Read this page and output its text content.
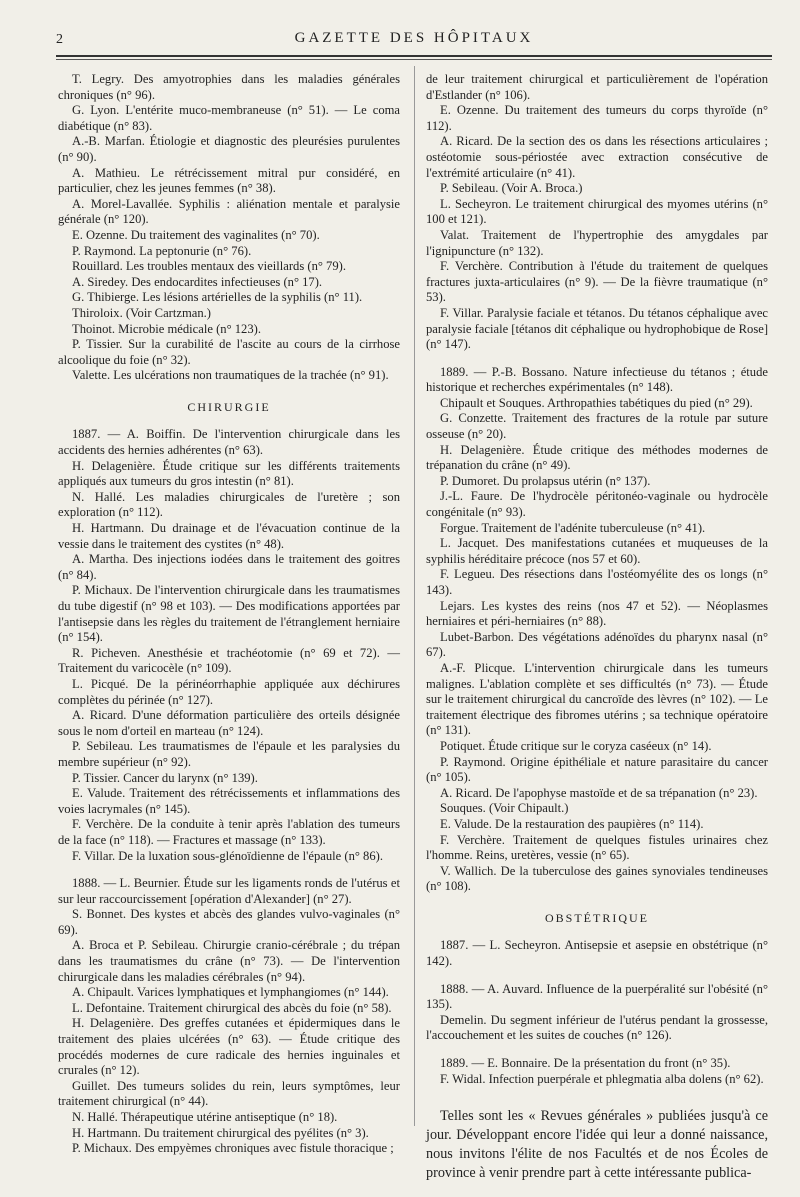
2	GAZETTE DES HÔPITAUX

T. Legry. Des amyotrophies dans les maladies générales chroniques (n° 96).

G. Lyon. L'entérite muco-membraneuse (n° 51). — Le coma diabétique (n° 83).

A.-B. Marfan. Étiologie et diagnostic des pleurésies purulentes (n° 90).

A. Mathieu. Le rétrécissement mitral pur considéré, en particulier, chez les jeunes femmes (n° 38).

A. Morel-Lavallée. Syphilis : aliénation mentale et paralysie générale (n° 120).

E. Ozenne. Du traitement des vaginalites (n° 70).

P. Raymond. La peptonurie (n° 76).

Rouillard. Les troubles mentaux des vieillards (n° 79).

A. Siredey. Des endocardites infectieuses (n° 17).

G. Thibierge. Les lésions artérielles de la syphilis (n° 11).

Thiroloix. (Voir Cartzman.)

Thoinot. Microbie médicale (n° 123).

P. Tissier. Sur la curabilité de l'ascite au cours de la cirrhose alcoolique du foie (n° 32).

Valette. Les ulcérations non traumatiques de la trachée (n° 91).

CHIRURGIE

1887. — A. Boiffin. De l'intervention chirurgicale dans les accidents des hernies adhérentes (n° 63).

H. Delagenière. Étude critique sur les différents traitements appliqués aux tumeurs du gros intestin (n° 81).

N. Hallé. Les maladies chirurgicales de l'uretère ; son exploration (n° 112).

H. Hartmann. Du drainage et de l'évacuation continue de la vessie dans le traitement des cystites (n° 48).

A. Martha. Des injections iodées dans le traitement des goitres (n° 84).

P. Michaux. De l'intervention chirurgicale dans les traumatismes du tube digestif (n° 98 et 103). — Des modifications apportées par l'antisepsie dans les règles du traitement de l'étranglement herniaire (n° 154).

R. Picheven. Anesthésie et trachéotomie (n° 69 et 72). — Traitement du varicocèle (n° 109).

L. Picqué. De la périnéorrhaphie appliquée aux déchirures complètes du périnée (n° 127).

A. Ricard. D'une déformation particulière des orteils désignée sous le nom d'orteil en marteau (n° 124).

P. Sebileau. Les traumatismes de l'épaule et les paralysies du membre supérieur (n° 92).

P. Tissier. Cancer du larynx (n° 139).

E. Valude. Traitement des rétrécissements et inflammations des voies lacrymales (n° 145).

F. Verchère. De la conduite à tenir après l'ablation des tumeurs de la face (n° 118). — Fractures et massage (n° 133).

F. Villar. De la luxation sous-glénoïdienne de l'épaule (n° 86).

1888. — L. Beurnier. Étude sur les ligaments ronds de l'utérus et sur leur raccourcissement [opération d'Alexander] (n° 27).

S. Bonnet. Des kystes et abcès des glandes vulvo-vaginales (n° 69).

A. Broca et P. Sebileau. Chirurgie cranio-cérébrale ; du trépan dans les traumatismes du crâne (n° 73). — De l'intervention chirurgicale dans les maladies cérébrales (n° 94).

A. Chipault. Varices lymphatiques et lymphangiomes (n° 144).

L. Defontaine. Traitement chirurgical des abcès du foie (n° 58).

H. Delagenière. Des greffes cutanées et épidermiques dans le traitement des plaies ulcérées (n° 63). — Étude critique des procédés modernes de cure radicale des hernies inguinales et crurales (n° 12).

Guillet. Des tumeurs solides du rein, leurs symptômes, leur traitement chirurgical (n° 44).

N. Hallé. Thérapeutique utérine antiseptique (n° 18).

H. Hartmann. Du traitement chirurgical des pyélites (n° 3).

P. Michaux. Des empyèmes chroniques avec fistule thoracique ;

de leur traitement chirurgical et particulièrement de l'opération d'Estlander (n° 106).

E. Ozenne. Du traitement des tumeurs du corps thyroïde (n° 112).

A. Ricard. De la section des os dans les résections articulaires ; ostéotomie sous-périostée avec extraction consécutive de l'extrémité articulaire (n° 41).

P. Sebileau. (Voir A. Broca.)

L. Secheyron. Le traitement chirurgical des myomes utérins (n° 100 et 121).

Valat. Traitement de l'hypertrophie des amygdales par l'ignipuncture (n° 132).

F. Verchère. Contribution à l'étude du traitement de quelques fractures juxta-articulaires (n° 9). — De la fièvre traumatique (n° 53).

F. Villar. Paralysie faciale et tétanos. Du tétanos céphalique avec paralysie faciale [tétanos dit céphalique ou hydrophobique de Rose] (n° 147).

1889. — P.-B. Bossano. Nature infectieuse du tétanos ; étude historique et recherches expérimentales (n° 148).

Chipault et Souques. Arthropathies tabétiques du pied (n° 29).

G. Conzette. Traitement des fractures de la rotule par suture osseuse (n° 20).

H. Delagenière. Étude critique des méthodes modernes de trépanation du crâne (n° 49).

P. Dumoret. Du prolapsus utérin (n° 137).

J.-L. Faure. De l'hydrocèle péritonéo-vaginale ou hydrocèle congénitale (n° 93).

Forgue. Traitement de l'adénite tuberculeuse (n° 41).

L. Jacquet. Des manifestations cutanées et muqueuses de la syphilis héréditaire précoce (nos 57 et 60).

F. Legueu. Des résections dans l'ostéomyélite des os longs (n° 143).

Lejars. Les kystes des reins (nos 47 et 52). — Néoplasmes herniaires et péri-herniaires (n° 88).

Lubet-Barbon. Des végétations adénoïdes du pharynx nasal (n° 67).

A.-F. Plicque. L'intervention chirurgicale dans les tumeurs malignes. L'ablation complète et ses difficultés (n° 73). — Étude sur le traitement chirurgical du cancroïde des lèvres (n° 102). — Le traitement électrique des fibromes utérins ; sa technique opératoire (n° 131).

Potiquet. Étude critique sur le coryza caséeux (n° 14).

P. Raymond. Origine épithéliale et nature parasitaire du cancer (n° 105).

A. Ricard. De l'apophyse mastoïde et de sa trépanation (n° 23).

Souques. (Voir Chipault.)

E. Valude. De la restauration des paupières (n° 114).

F. Verchère. Traitement de quelques fistules urinaires chez l'homme. Reins, uretères, vessie (n° 65).

V. Wallich. De la tuberculose des gaines synoviales tendineuses (n° 108).

OBSTÉTRIQUE

1887. — L. Secheyron. Antisepsie et asepsie en obstétrique (n° 142).

1888. — A. Auvard. Influence de la puerpéralité sur l'obésité (n° 135).

Demelin. Du segment inférieur de l'utérus pendant la grossesse, l'accouchement et les suites de couches (n° 126).

1889. — E. Bonnaire. De la présentation du front (n° 35).

F. Widal. Infection puerpérale et phlegmatia alba dolens (n° 62).

Telles sont les « Revues générales » publiées jusqu'à ce jour. Développant encore l'idée qui leur a donné naissance, nous invitons l'élite de nos Facultés et de nos Écoles de province à venir prendre part à cette intéressante publica-
